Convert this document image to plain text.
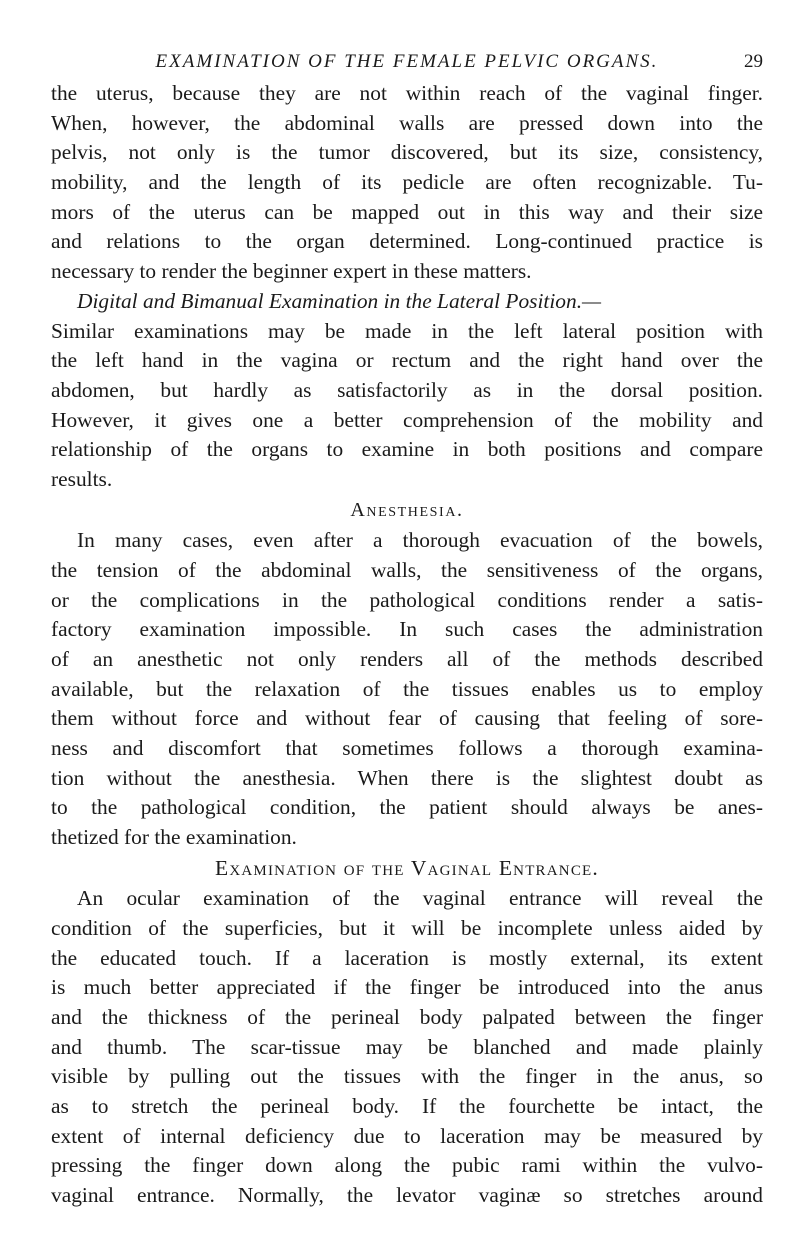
EXAMINATION OF THE FEMALE PELVIC ORGANS.	29
the uterus, because they are not within reach of the vaginal finger.
When, however, the abdominal walls are pressed down into the
pelvis, not only is the tumor discovered, but its size, consistency,
mobility, and the length of its pedicle are often recognizable. Tu-
mors of the uterus can be mapped out in this way and their size
and relations to the organ determined. Long-continued practice is
necessary to render the beginner expert in these matters.
Digital and Bimanual Examination in the Lateral Position.—
Similar examinations may be made in the left lateral position with
the left hand in the vagina or rectum and the right hand over the
abdomen, but hardly as satisfactorily as in the dorsal position.
However, it gives one a better comprehension of the mobility and
relationship of the organs to examine in both positions and compare
results.
Anesthesia.
In many cases, even after a thorough evacuation of the bowels,
the tension of the abdominal walls, the sensitiveness of the organs,
or the complications in the pathological conditions render a satis-
factory examination impossible. In such cases the administration
of an anesthetic not only renders all of the methods described
available, but the relaxation of the tissues enables us to employ
them without force and without fear of causing that feeling of sore-
ness and discomfort that sometimes follows a thorough examina-
tion without the anesthesia. When there is the slightest doubt as
to the pathological condition, the patient should always be anes-
thetized for the examination.
Examination of the Vaginal Entrance.
An ocular examination of the vaginal entrance will reveal the
condition of the superficies, but it will be incomplete unless aided by
the educated touch. If a laceration is mostly external, its extent
is much better appreciated if the finger be introduced into the anus
and the thickness of the perineal body palpated between the finger
and thumb. The scar-tissue may be blanched and made plainly
visible by pulling out the tissues with the finger in the anus, so
as to stretch the perineal body. If the fourchette be intact, the
extent of internal deficiency due to laceration may be measured by
pressing the finger down along the pubic rami within the vulvo-
vaginal entrance. Normally, the levator vaginæ so stretches around
